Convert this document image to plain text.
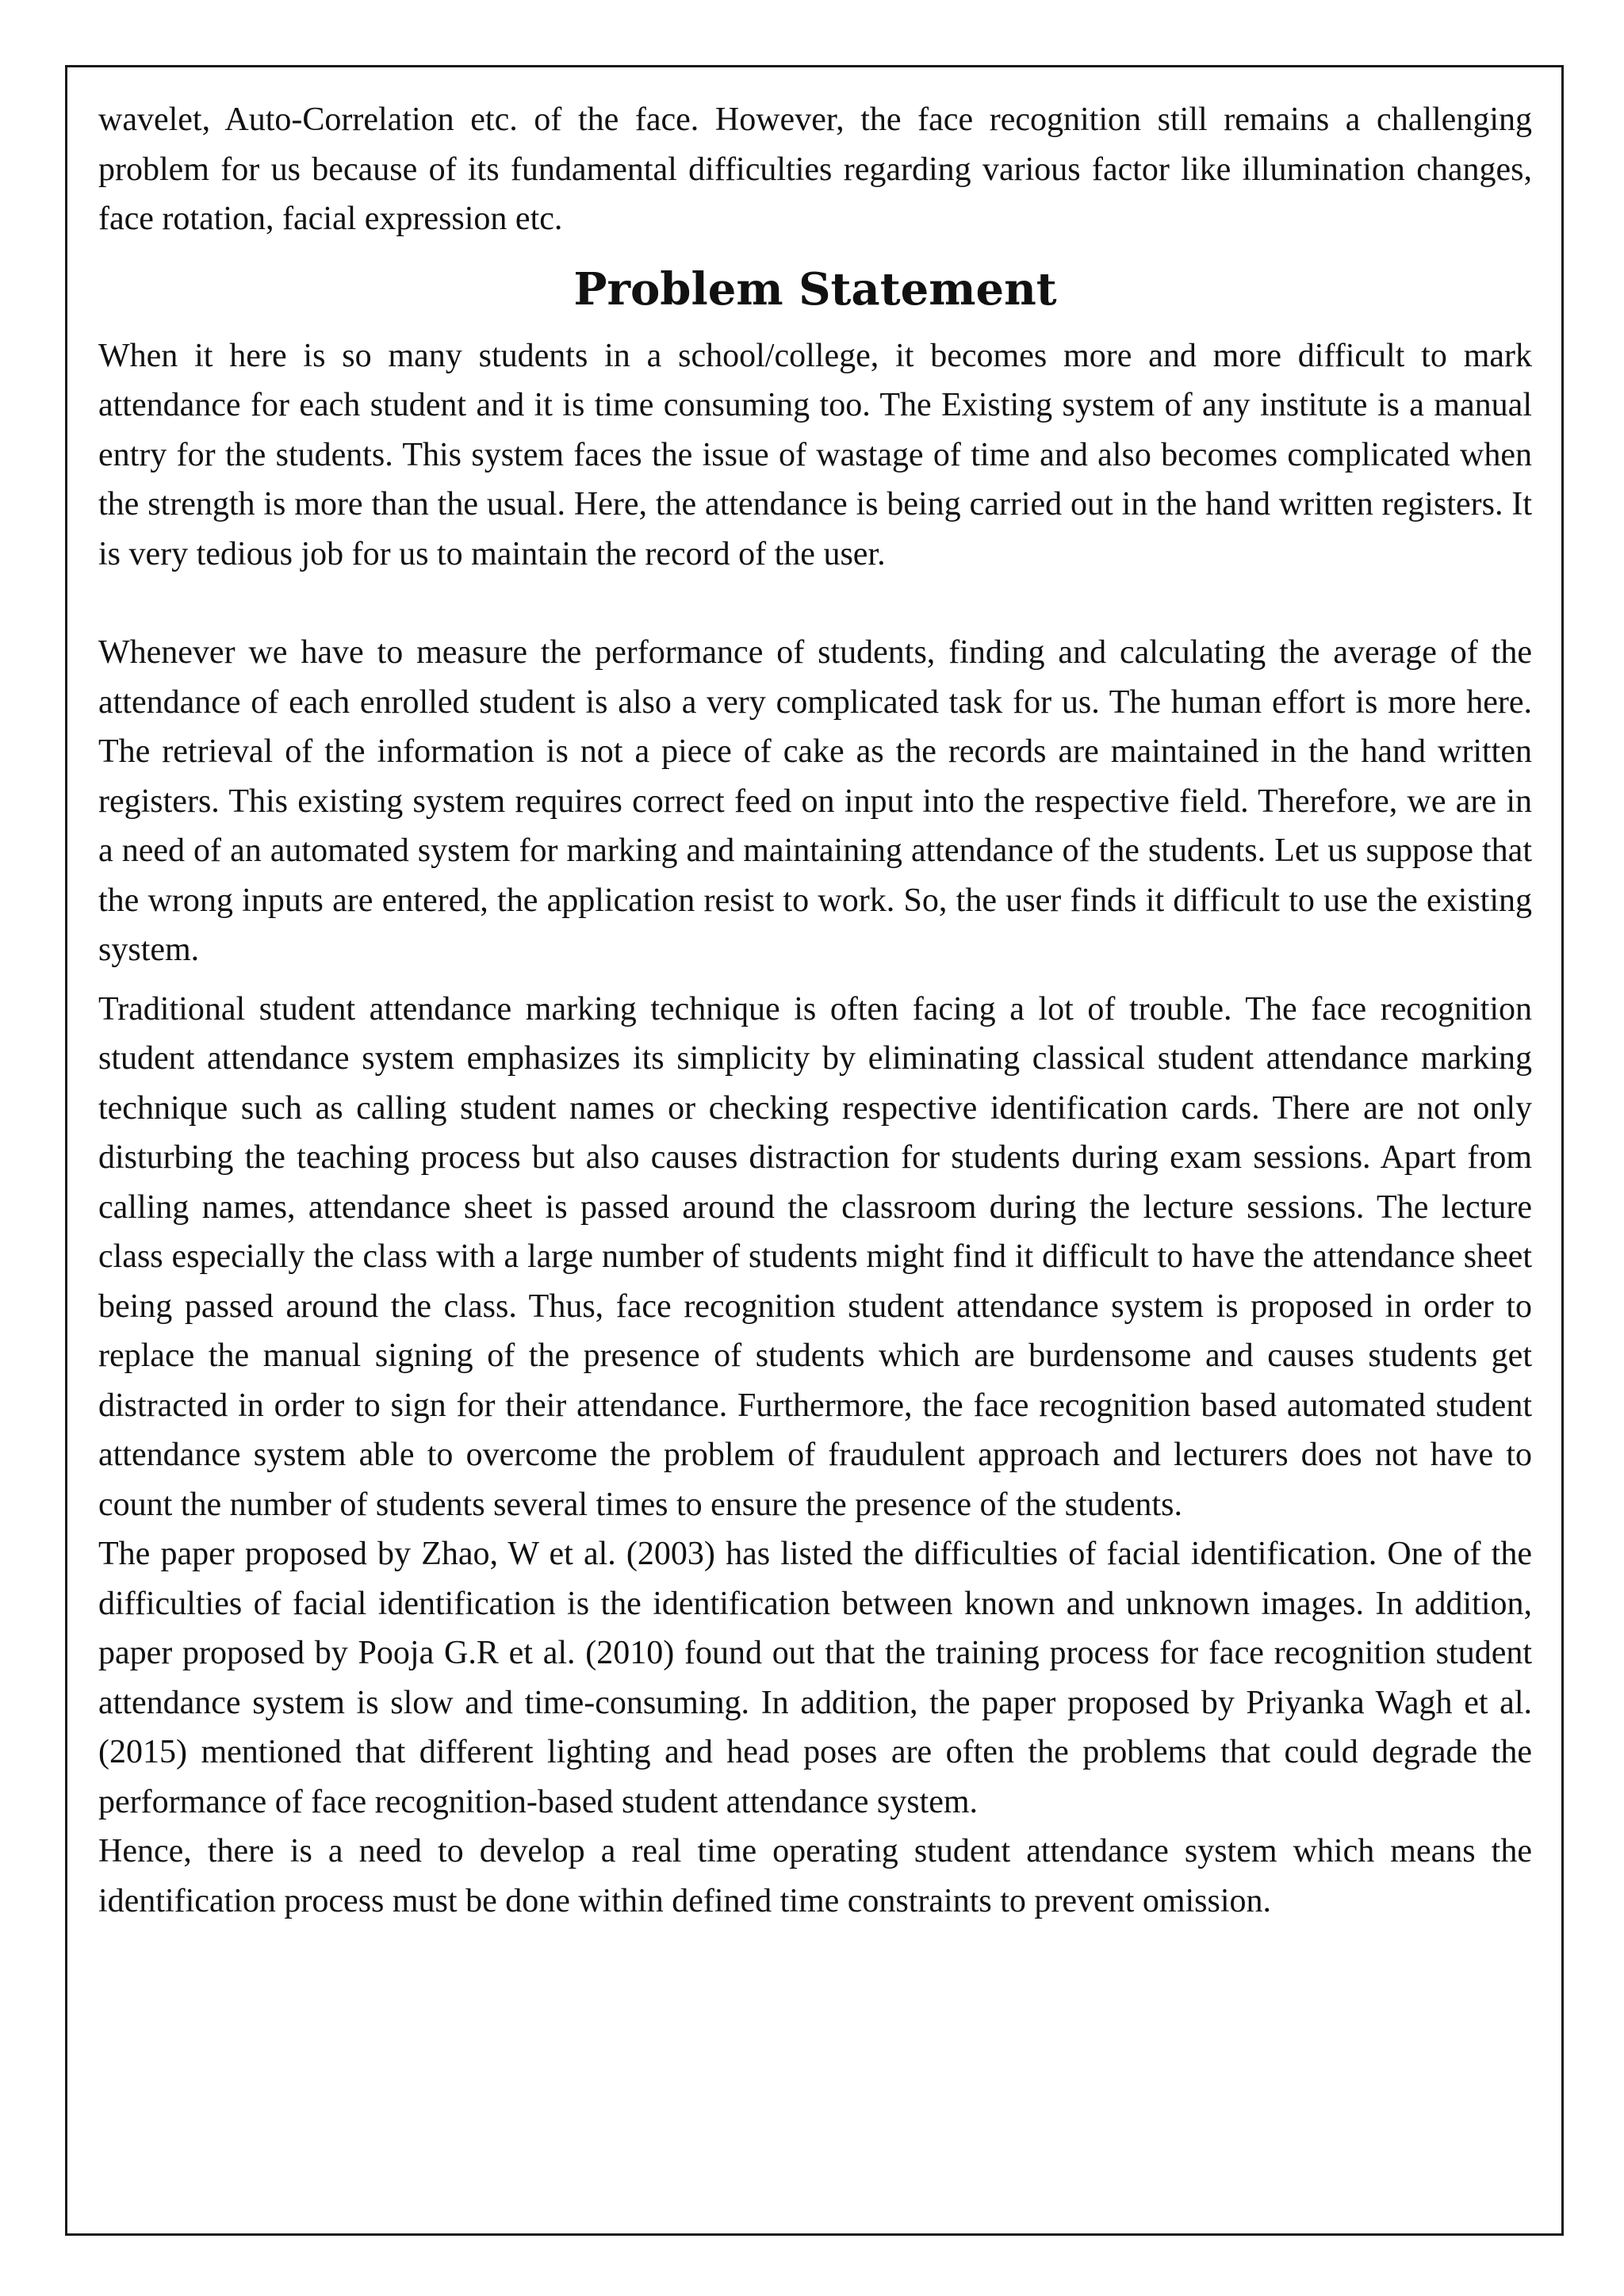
wavelet, Auto-Correlation etc. of the face. However, the face recognition still remains a challenging problem for us because of its fundamental difficulties regarding various factor like illumination changes, face rotation, facial expression etc.

Problem Statement

When it here is so many students in a school/college, it becomes more and more difficult to mark attendance for each student and it is time consuming too. The Existing system of any institute is a manual entry for the students. This system faces the issue of wastage of time and also becomes complicated when the strength is more than the usual. Here, the attendance is being carried out in the hand written registers. It is very tedious job for us to maintain the record of the user.

Whenever we have to measure the performance of students, finding and calculating the average of the attendance of each enrolled student is also a very complicated task for us. The human effort is more here. The retrieval of the information is not a piece of cake as the records are maintained in the hand written registers. This existing system requires correct feed on input into the respective field. Therefore, we are in a need of an automated system for marking and maintaining attendance of the students. Let us suppose that the wrong inputs are entered, the application resist to work. So, the user finds it difficult to use the existing system.

Traditional student attendance marking technique is often facing a lot of trouble. The face recognition student attendance system emphasizes its simplicity by eliminating classical student attendance marking technique such as calling student names or checking respective identification cards. There are not only disturbing the teaching process but also causes distraction for students during exam sessions. Apart from calling names, attendance sheet is passed around the classroom during the lecture sessions. The lecture class especially the class with a large number of students might find it difficult to have the attendance sheet being passed around the class. Thus, face recognition student attendance system is proposed in order to replace the manual signing of the presence of students which are burdensome and causes students get distracted in order to sign for their attendance. Furthermore, the face recognition based automated student attendance system able to overcome the problem of fraudulent approach and lecturers does not have to count the number of students several times to ensure the presence of the students.

The paper proposed by Zhao, W et al. (2003) has listed the difficulties of facial identification. One of the difficulties of facial identification is the identification between known and unknown images. In addition, paper proposed by Pooja G.R et al. (2010) found out that the training process for face recognition student attendance system is slow and time-consuming. In addition, the paper proposed by Priyanka Wagh et al. (2015) mentioned that different lighting and head poses are often the problems that could degrade the performance of face recognition-based student attendance system.

Hence, there is a need to develop a real time operating student attendance system which means the identification process must be done within defined time constraints to prevent omission.
